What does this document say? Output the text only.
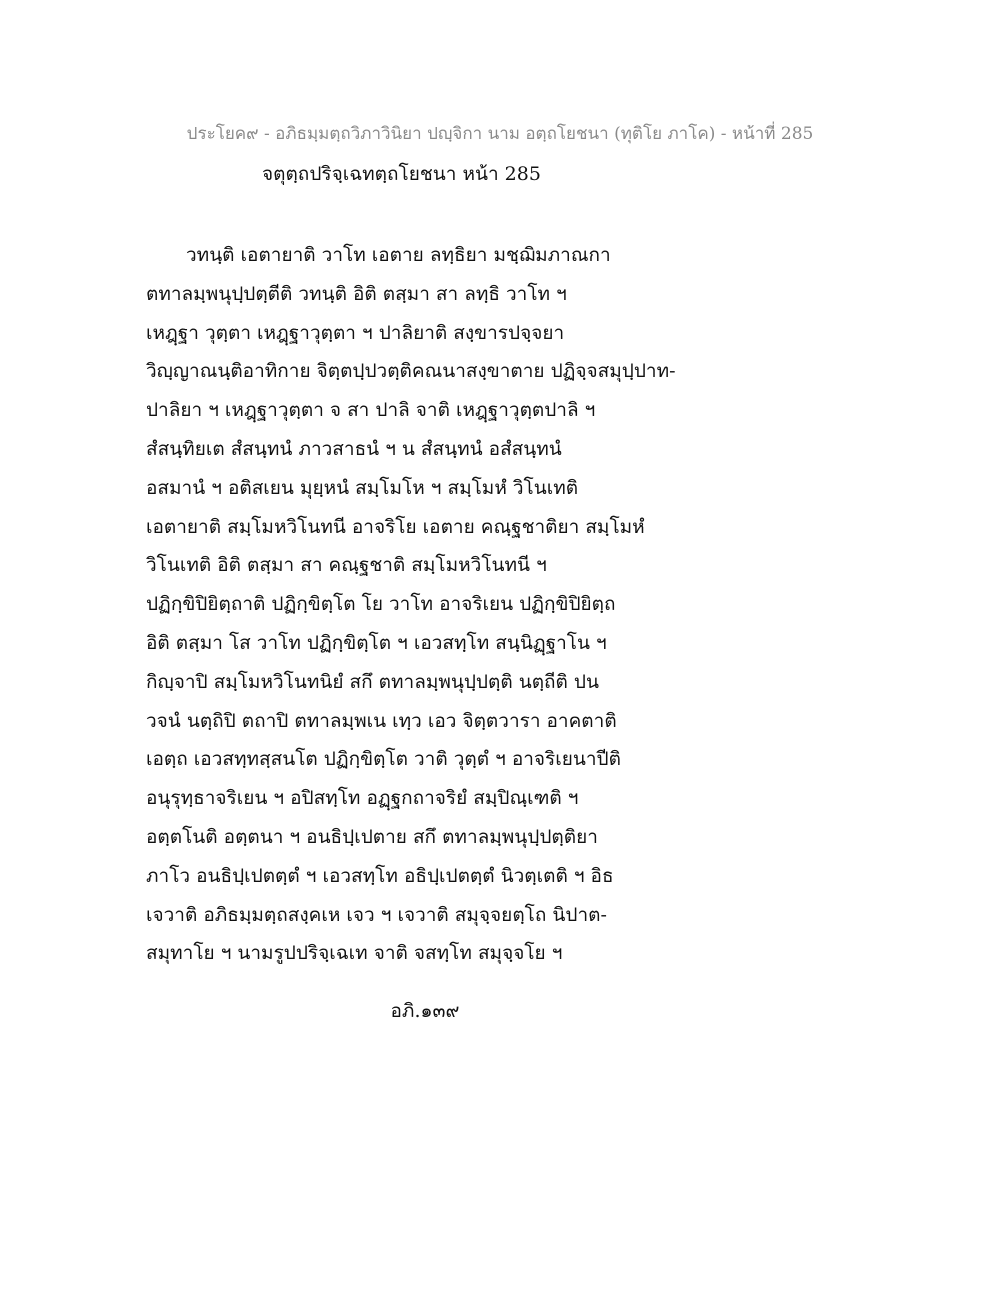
ประโยค๙ - อภิธมฺมตฺถวิภาวินิยา ปญฺจิกา นาม อตฺถโยชนา (ทุติโย ภาโค) - หน้าที่ 285
จตุตฺถปริจฺเฉทตฺถโยชนา หน้า 285
วทนฺติ เอตายาติ วาโท เอตาย ลทฺธิยา มชฺฌิมภาณกา
ตทาลมฺพนุปฺปตฺตีติ วทนฺติ อิติ ตสฺมา สา ลทฺธิ วาโท ฯ
เหฎฺฐา วุตฺตา เหฎฺฐาวุตฺตา ฯ ปาลิยาติ สงฺขารปจฺจยา
วิญฺญาณนฺติอาทิกาย จิตฺตปฺปวตฺติคณนาสงฺขาตาย ปฏิจฺจสมุปฺปาท-
ปาลิยา ฯ เหฎฺฐาวุตฺตา จ สา ปาลิ จาติ เหฎฺฐาวุตฺตปาลิ ฯ
สํสนฺทิยเต สํสนฺทนํ ภาวสาธนํ ฯ น สํสนฺทนํ อสํสนฺทนํ
อสมานํ ฯ อติสเยน มุยฺหนํ สมฺโมโห ฯ สมฺโมหํ วิโนเทติ
เอตายาติ สมฺโมหวิโนทนี อาจริโย เอตาย คณฺฐชาติยา สมฺโมหํ
วิโนเทติ อิติ ตสฺมา สา คณฺฐชาติ สมฺโมหวิโนทนี ฯ
ปฏิกฺขิปิยิตฺถาติ ปฏิกฺขิตฺโต โย วาโท อาจริเยน ปฏิกฺขิปิยิตฺถ
อิติ ตสฺมา โส วาโท ปฏิกฺขิตฺโต ฯ เอวสทฺโท สนฺนิฏฺฐาโน ฯ
กิญฺจาปิ สมฺโมหวิโนทนิยํ สกึ ตทาลมฺพนุปฺปตฺติ นตฺถีติ ปน
วจนํ นตฺถิปิ ตถาปิ ตทาลมฺพเน เทฺว เอว จิตฺตวารา อาคตาติ
เอตฺถ เอวสทฺทสฺสนโต ปฏิกฺขิตฺโต วาติ วุตฺตํ ฯ อาจริเยนาปีติ
อนุรุทฺธาจริเยน ฯ อปิสทฺโท อฏฺฐกถาจริยํ สมฺปิณฺเฑติ ฯ
อตฺตโนติ อตฺตนา ฯ อนธิปฺเปตาย สกึ ตทาลมฺพนุปฺปตฺติยา
ภาโว อนธิปฺเปตตฺตํ ฯ เอวสทฺโท อธิปฺเปตตฺตํ นิวตฺเตติ ฯ อิธ
เจวาติ อภิธมฺมตฺถสงฺคเห เจว ฯ เจวาติ สมุจฺจยตฺโถ นิปาต-
สมุทาโย ฯ นามรูปปริจฺเฉเท จาติ จสทฺโท สมุจฺจโย ฯ
อภิ.๑๓๙
